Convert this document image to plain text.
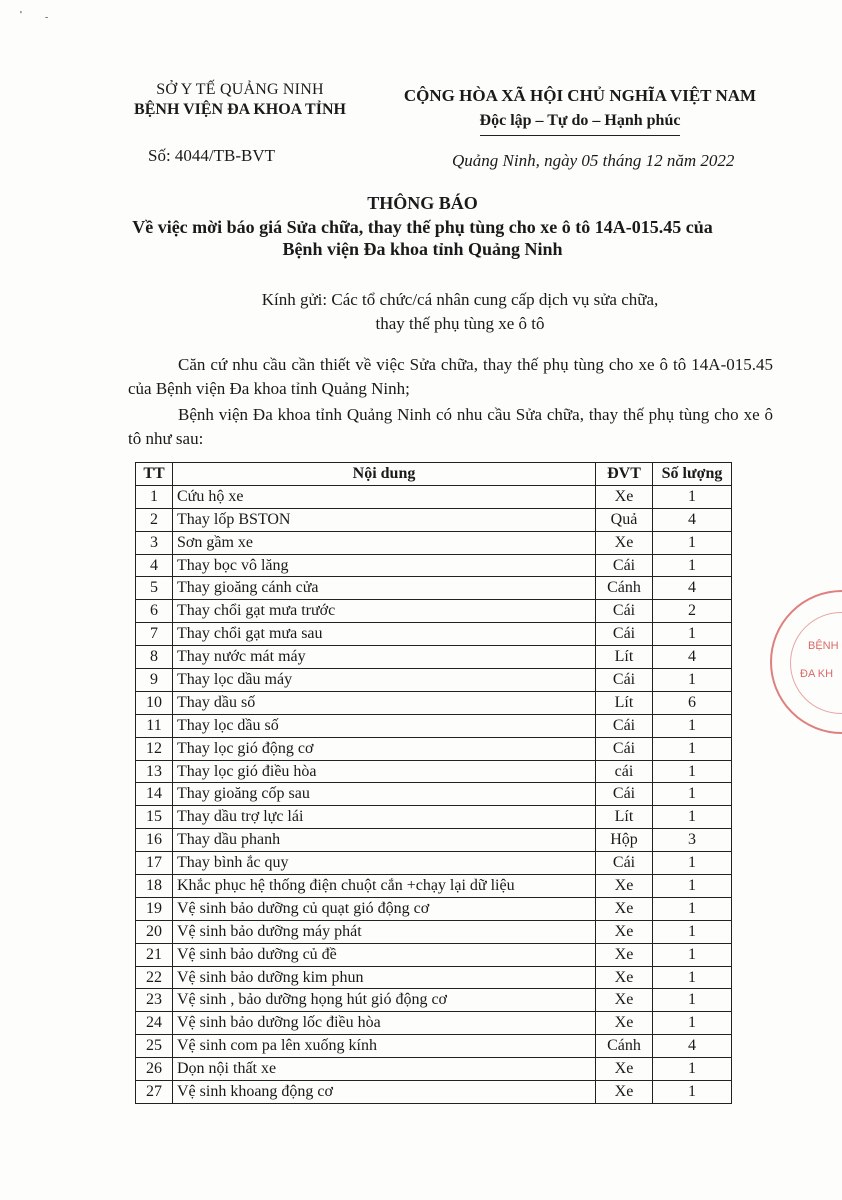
'
ˉ
SỞ Y TẾ QUẢNG NINH
BỆNH VIỆN ĐA KHOA TỈNH
CỘNG HÒA XÃ HỘI CHỦ NGHĨA VIỆT NAM
Độc lập – Tự do – Hạnh phúc
Số: 4044/TB-BVT	Quảng Ninh, ngày 05 tháng 12 năm 2022
THÔNG BÁO
Về việc mời báo giá Sửa chữa, thay thế phụ tùng cho xe ô tô 14A-015.45 của
Bệnh viện Đa khoa tỉnh Quảng Ninh
Kính gửi: Các tổ chức/cá nhân cung cấp dịch vụ sửa chữa,
thay thế phụ tùng xe ô tô
Căn cứ nhu cầu cần thiết về việc Sửa chữa, thay thế phụ tùng cho xe ô tô 14A-015.45 của Bệnh viện Đa khoa tỉnh Quảng Ninh;
Bệnh viện Đa khoa tỉnh Quảng Ninh có nhu cầu Sửa chữa, thay thế phụ tùng cho xe ô tô như sau:
TT	Nội dung	ĐVT	Số lượng
1	Cứu hộ xe	Xe	1
2	Thay lốp BSTON	Quả	4
3	Sơn gầm xe	Xe	1
4	Thay bọc vô lăng	Cái	1
5	Thay gioăng cánh cửa	Cánh	4
6	Thay chổi gạt mưa trước	Cái	2
7	Thay chổi gạt mưa sau	Cái	1
8	Thay nước mát máy	Lít	4
9	Thay lọc dầu máy	Cái	1
10	Thay dầu số	Lít	6
11	Thay lọc dầu số	Cái	1
12	Thay lọc gió động cơ	Cái	1
13	Thay lọc gió điều hòa	cái	1
14	Thay gioăng cốp sau	Cái	1
15	Thay dầu trợ lực lái	Lít	1
16	Thay dầu phanh	Hộp	3
17	Thay bình ắc quy	Cái	1
18	Khắc phục hệ thống điện chuột cắn +chạy lại dữ liệu	Xe	1
19	Vệ sinh bảo dưỡng củ quạt gió động cơ	Xe	1
20	Vệ sinh bảo dưỡng máy phát	Xe	1
21	Vệ sinh bảo dưỡng củ đề	Xe	1
22	Vệ sinh bảo dưỡng kim phun	Xe	1
23	Vệ sinh , bảo dưỡng họng hút gió động cơ	Xe	1
24	Vệ sinh bảo dưỡng lốc điều hòa	Xe	1
25	Vệ sinh com pa lên xuống kính	Cánh	4
26	Dọn nội thất xe	Xe	1
27	Vệ sinh khoang động cơ	Xe	1
BỆNH
ĐA KH
